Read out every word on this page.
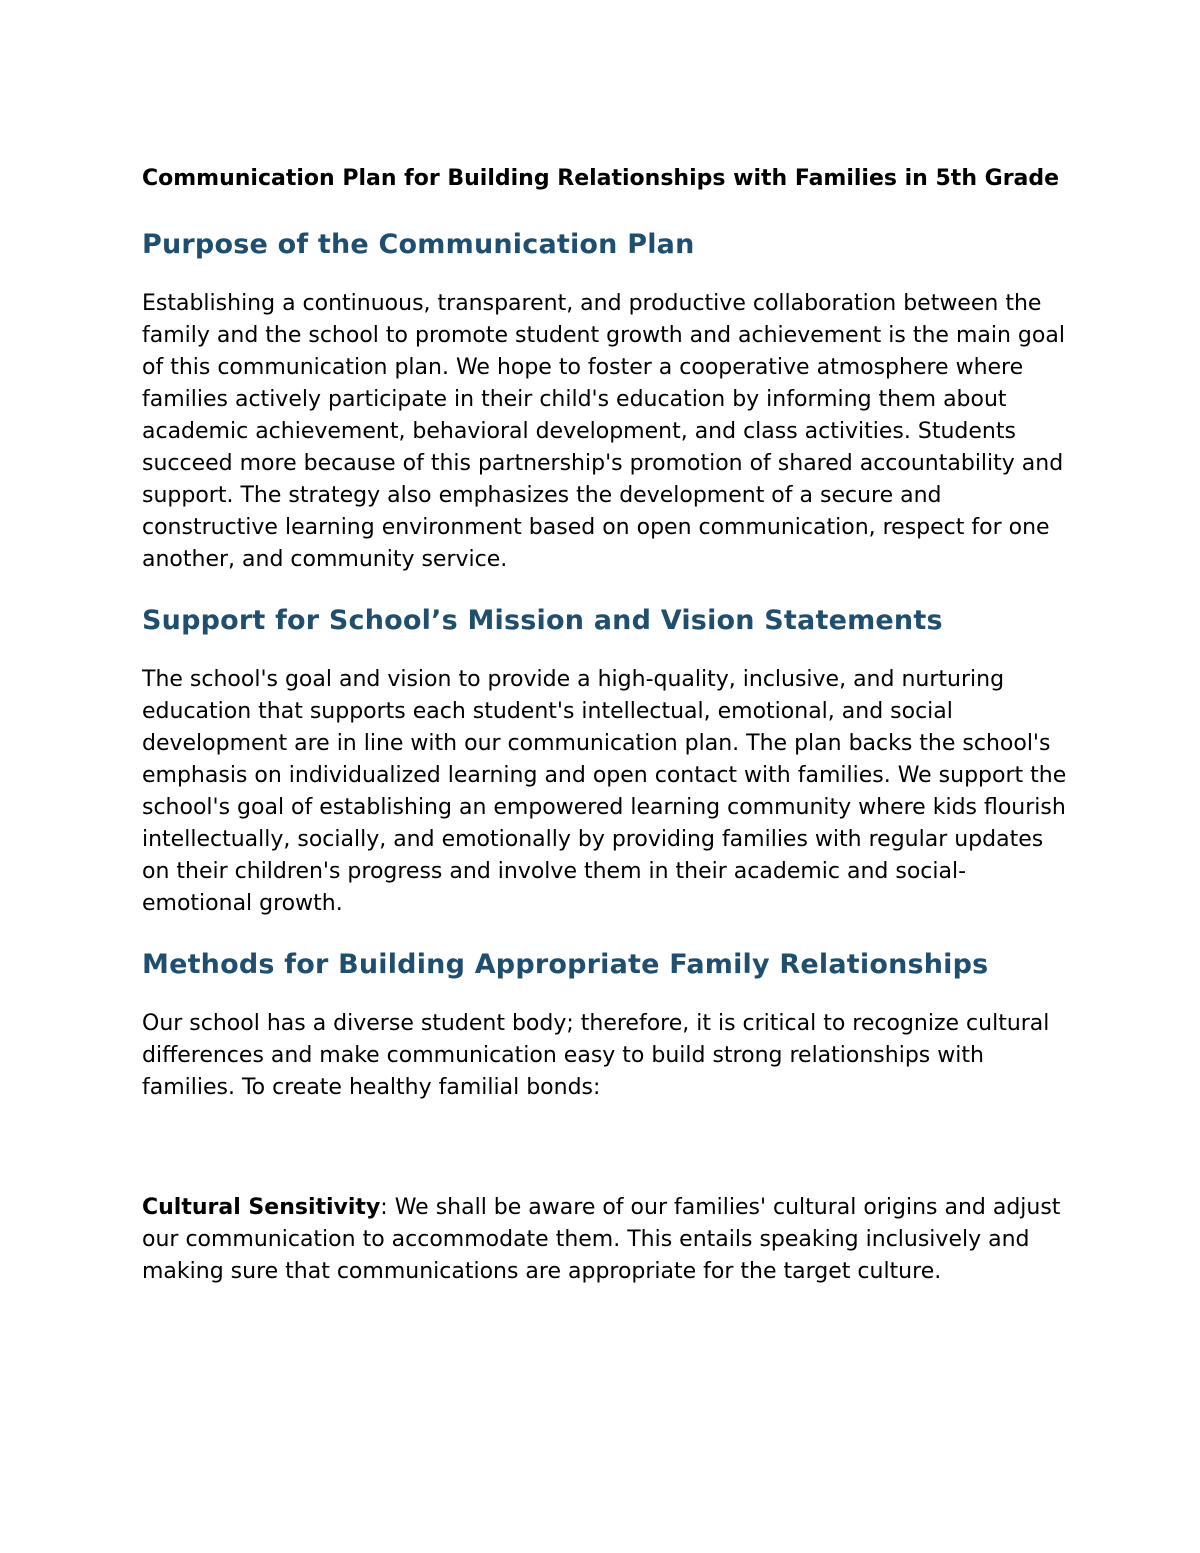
Communication Plan for Building Relationships with Families in 5th Grade
Purpose of the Communication Plan

Establishing a continuous, transparent, and productive collaboration between the family and the school to promote student growth and achievement is the main goal of this communication plan. We hope to foster a cooperative atmosphere where families actively participate in their child's education by informing them about academic achievement, behavioral development, and class activities. Students succeed more because of this partnership's promotion of shared accountability and support. The strategy also emphasizes the development of a secure and constructive learning environment based on open communication, respect for one another, and community service.

Support for School’s Mission and Vision Statements

The school's goal and vision to provide a high-quality, inclusive, and nurturing education that supports each student's intellectual, emotional, and social development are in line with our communication plan. The plan backs the school's emphasis on individualized learning and open contact with families. We support the school's goal of establishing an empowered learning community where kids flourish intellectually, socially, and emotionally by providing families with regular updates on their children's progress and involve them in their academic and social-emotional growth.

Methods for Building Appropriate Family Relationships

Our school has a diverse student body; therefore, it is critical to recognize cultural differences and make communication easy to build strong relationships with families. To create healthy familial bonds:

Cultural Sensitivity: We shall be aware of our families' cultural origins and adjust our communication to accommodate them. This entails speaking inclusively and making sure that communications are appropriate for the target culture.
